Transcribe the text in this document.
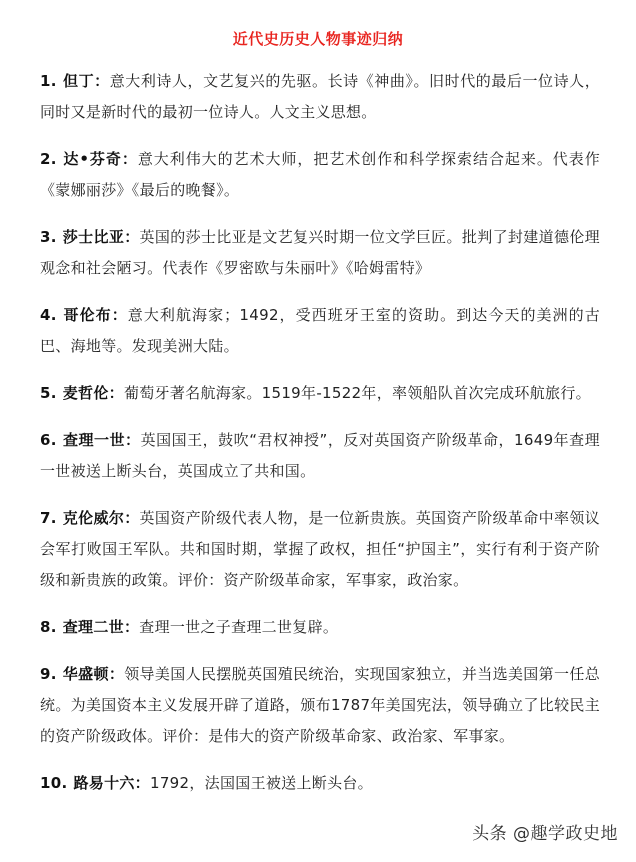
近代史历史人物事迹归纳

1. 但丁：意大利诗人，文艺复兴的先驱。长诗《神曲》。旧时代的最后一位诗人，同时又是新时代的最初一位诗人。人文主义思想。

2. 达•芬奇：意大利伟大的艺术大师，把艺术创作和科学探索结合起来。代表作《蒙娜丽莎》《最后的晚餐》。

3. 莎士比亚：英国的莎士比亚是文艺复兴时期一位文学巨匠。批判了封建道德伦理观念和社会陋习。代表作《罗密欧与朱丽叶》《哈姆雷特》

4. 哥伦布：意大利航海家；1492，受西班牙王室的资助。到达今天的美洲的古巴、海地等。发现美洲大陆。

5. 麦哲伦：葡萄牙著名航海家。1519年-1522年，率领船队首次完成环航旅行。

6. 查理一世：英国国王，鼓吹“君权神授”，反对英国资产阶级革命，1649年查理一世被送上断头台，英国成立了共和国。

7. 克伦威尔：英国资产阶级代表人物，是一位新贵族。英国资产阶级革命中率领议会军打败国王军队。共和国时期，掌握了政权，担任“护国主”，实行有利于资产阶级和新贵族的政策。评价：资产阶级革命家，军事家，政治家。

8. 查理二世：查理一世之子查理二世复辟。

9. 华盛顿：领导美国人民摆脱英国殖民统治，实现国家独立，并当选美国第一任总统。为美国资本主义发展开辟了道路，颁布1787年美国宪法，领导确立了比较民主的资产阶级政体。评价：是伟大的资产阶级革命家、政治家、军事家。

10. 路易十六：1792，法国国王被送上断头台。

头条 @趣学政史地
